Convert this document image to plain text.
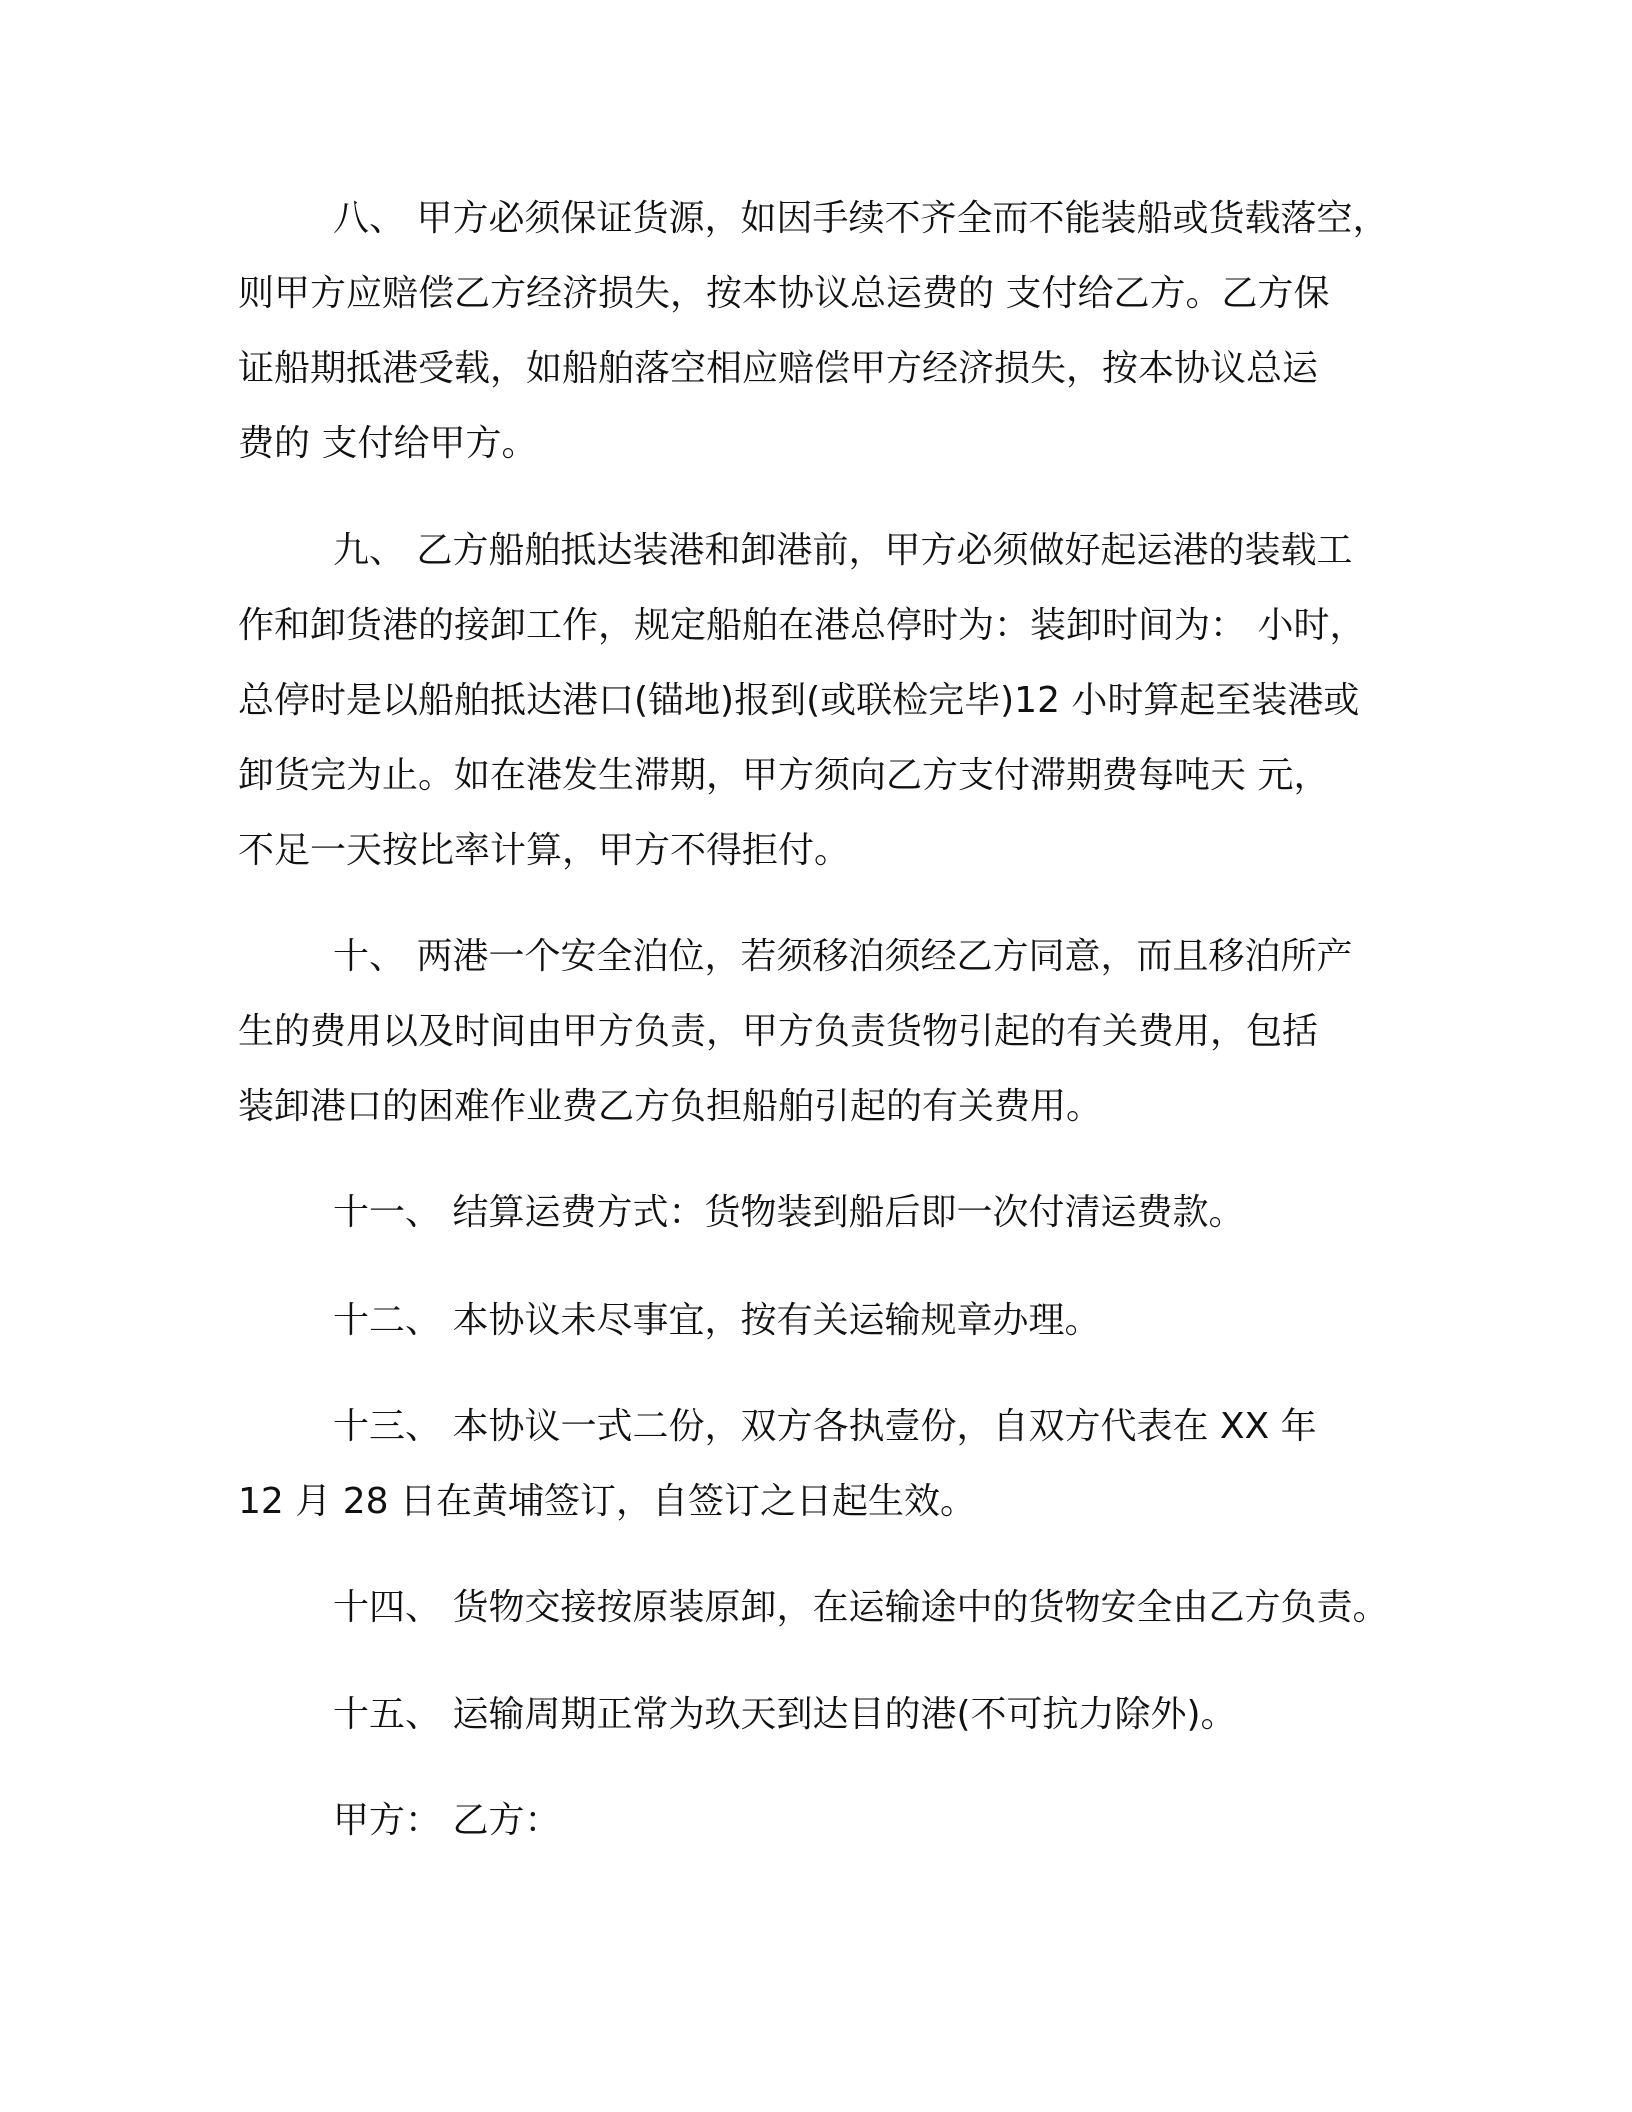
八、 甲方必须保证货源，如因手续不齐全而不能装船或货载落空，

则甲方应赔偿乙方经济损失，按本协议总运费的 支付给乙方。乙方保

证船期抵港受载，如船舶落空相应赔偿甲方经济损失，按本协议总运

费的 支付给甲方。

九、 乙方船舶抵达装港和卸港前，甲方必须做好起运港的装载工

作和卸货港的接卸工作，规定船舶在港总停时为：装卸时间为： 小时，

总停时是以船舶抵达港口(锚地)报到(或联检完毕)12 小时算起至装港或

卸货完为止。如在港发生滞期，甲方须向乙方支付滞期费每吨天 元，

不足一天按比率计算，甲方不得拒付。

十、 两港一个安全泊位，若须移泊须经乙方同意，而且移泊所产

生的费用以及时间由甲方负责，甲方负责货物引起的有关费用，包括

装卸港口的困难作业费乙方负担船舶引起的有关费用。

十一、 结算运费方式：货物装到船后即一次付清运费款。

十二、 本协议未尽事宜，按有关运输规章办理。

十三、 本协议一式二份，双方各执壹份，自双方代表在 XX 年

12 月 28 日在黄埔签订，自签订之日起生效。

十四、 货物交接按原装原卸，在运输途中的货物安全由乙方负责。

十五、 运输周期正常为玖天到达目的港(不可抗力除外)。

甲方： 乙方：
